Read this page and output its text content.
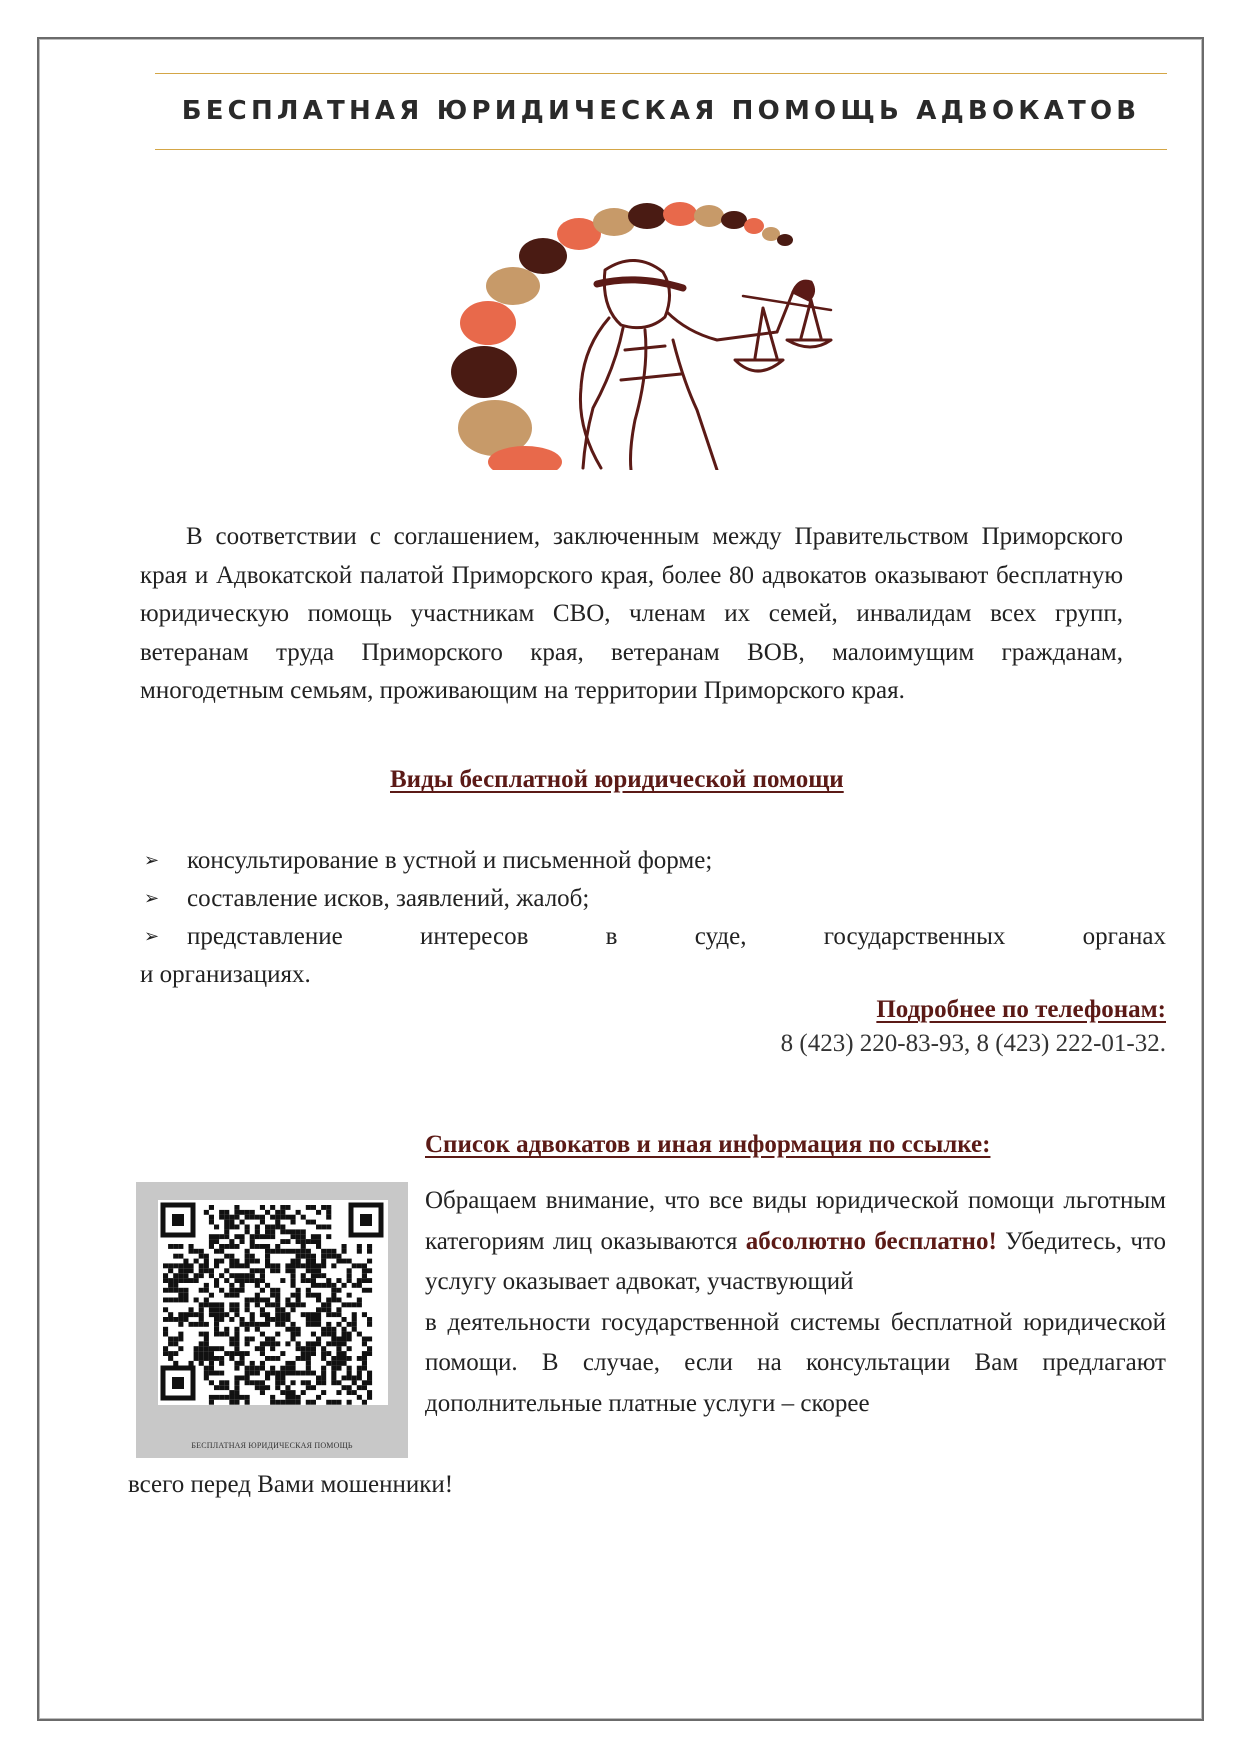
БЕСПЛАТНАЯ ЮРИДИЧЕСКАЯ ПОМОЩЬ АДВОКАТОВ

В соответствии с соглашением, заключенным между Правительством Приморского края и Адвокатской палатой Приморского края, более 80 адвокатов оказывают бесплатную юридическую помощь участникам СВО, членам их семей, инвалидам всех групп, ветеранам труда Приморского края, ветеранам ВОВ, малоимущим гражданам, многодетным семьям, проживающим на территории Приморского края.

Виды бесплатной юридической помощи
➢ консультирование в устной и письменной форме;
➢ составление исков, заявлений, жалоб;
➢	представление интересов в суде, государственных органах
и организациях.
Подробнее по телефонам:
8 (423) 220-83-93, 8 (423) 222-01-32.
Список адвокатов и иная информация по ссылке:
БЕСПЛАТНАЯ ЮРИДИЧЕСКАЯ ПОМОЩЬ
Обращаем внимание, что все виды юридической помощи льготным категориям лиц оказываются абсолютно бесплатно! Убедитесь, что услугу оказывает адвокат, участвующий
в деятельности государственной системы бесплатной юридической помощи. В случае, если на консультации Вам предлагают дополнительные платные услуги – скорее
всего перед Вами мошенники!
